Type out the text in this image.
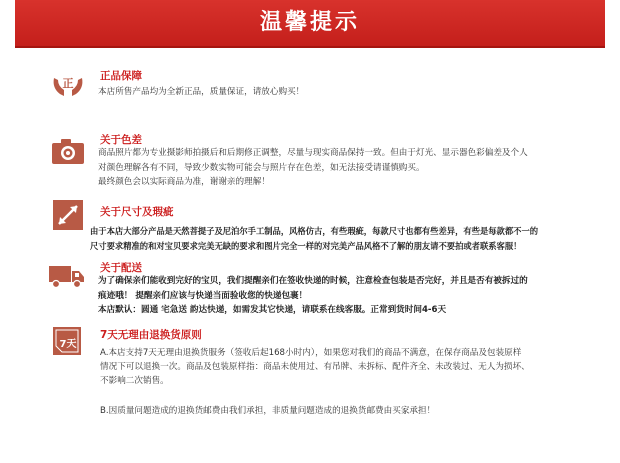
温馨提示
正
正品保障
本店所售产品均为全新正品，质量保证，请放心购买！
关于色差
商品照片都为专业摄影师拍摄后和后期修正调整，尽量与现实商品保持一致。但由于灯光、显示器色彩偏差及个人
对颜色理解各有不同，导致少数实物可能会与照片存在色差，如无法接受请谨慎购买。
最终颜色会以实际商品为准，谢谢亲的理解！
关于尺寸及瑕疵
由于本店大部分产品是天然菩提子及尼泊尔手工制品，风格仿古，有些瑕疵，每款尺寸也都有些差异，有些是每款都不一的
尺寸要求精准的和对宝贝要求完美无缺的要求和图片完全一样的对完美产品风格不了解的朋友请不要拍或者联系客服！
关于配送
为了确保亲们能收到完好的宝贝，我们提醒亲们在签收快递的时候，注意检查包装是否完好，并且是否有被拆过的
痕迹哦！ 提醒亲们应该与快递当面验收您的快递包裹！
本店默认：圆通 宅急送 韵达快递，如需发其它快递，请联系在线客服。正常到货时间4-6天
7天
7天无理由退换货原则
A.本店支持7天无理由退换货服务（签收后起168小时内），如果您对我们的商品不满意，在保存商品及包装原样
情况下可以退换一次。商品及包装原样指：商品未使用过、有吊牌、未拆标、配件齐全、未改装过、无人为损坏、
不影响二次销售。
B.因质量问题造成的退换货邮费由我们承担，非质量问题造成的退换货邮费由买家承担！
